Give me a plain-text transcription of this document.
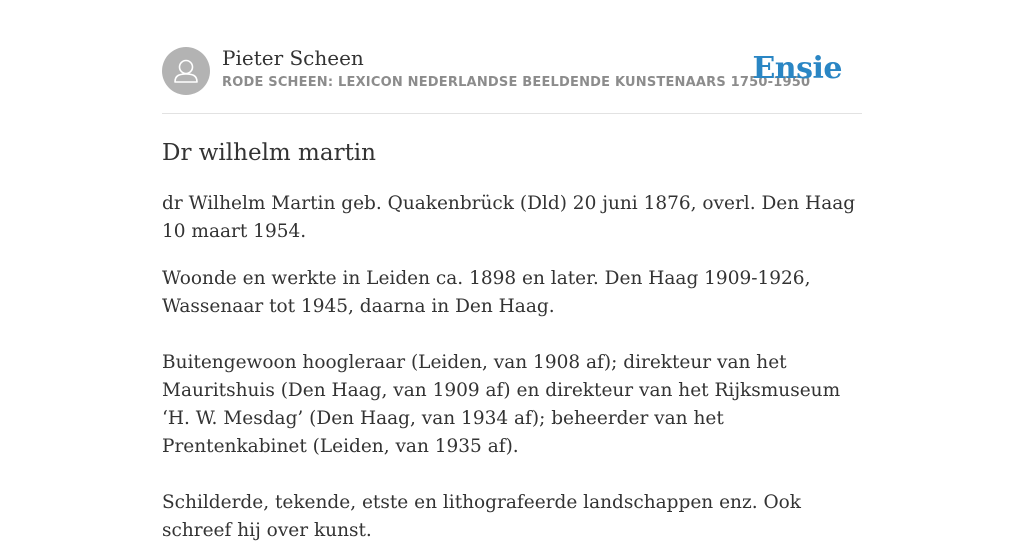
Pieter Scheen
RODE SCHEEN: LEXICON NEDERLANDSE BEELDENDE KUNSTENAARS 1750-1950
Ensie
Dr wilhelm martin

dr Wilhelm Martin geb. Quakenbrück (Dld) 20 juni 1876, overl. Den Haag 10 maart 1954.

Woonde en werkte in Leiden ca. 1898 en later. Den Haag 1909-1926, Wassenaar tot 1945, daarna in Den Haag.

Buitengewoon hoogleraar (Leiden, van 1908 af); direkteur van het Mauritshuis (Den Haag, van 1909 af) en direkteur van het Rijksmuseum ‘H. W. Mesdag’ (Den Haag, van 1934 af); beheerder van het Prentenkabinet (Leiden, van 1935 af).

Schilderde, tekende, etste en lithografeerde landschappen enz. Ook schreef hij over kunst.
